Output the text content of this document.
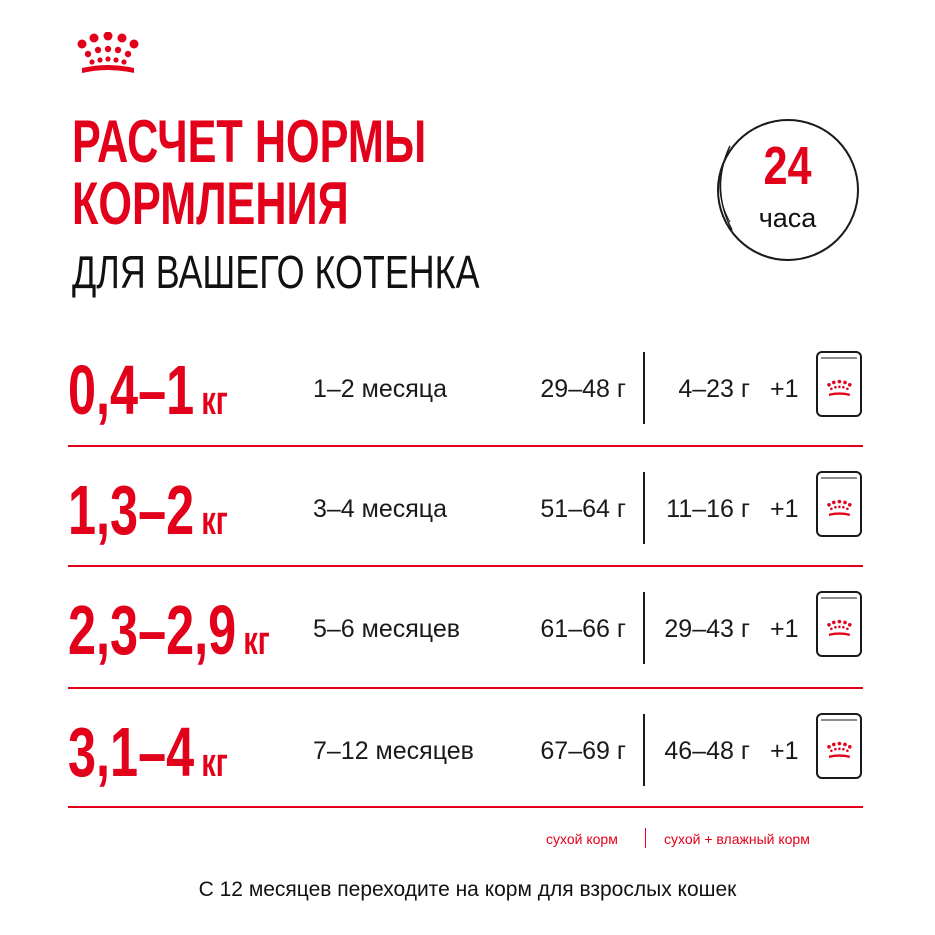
РАСЧЕТ НОРМЫ
КОРМЛЕНИЯ
ДЛЯ ВАШЕГО КОТЕНКА
24
часа
0,4–1 кг	1–2 месяца	29–48 г	4–23 г +1
1,3–2 кг	3–4 месяца	51–64 г	11–16 г +1
2,3–2,9 кг 5–6 месяцев	61–66 г 29–43 г +1
3,1–4 кг	7–12 месяцев	67–69 г 46–48 г +1
сухой корм	сухой + влажный корм
С 12 месяцев переходите на корм для взрослых кошек
